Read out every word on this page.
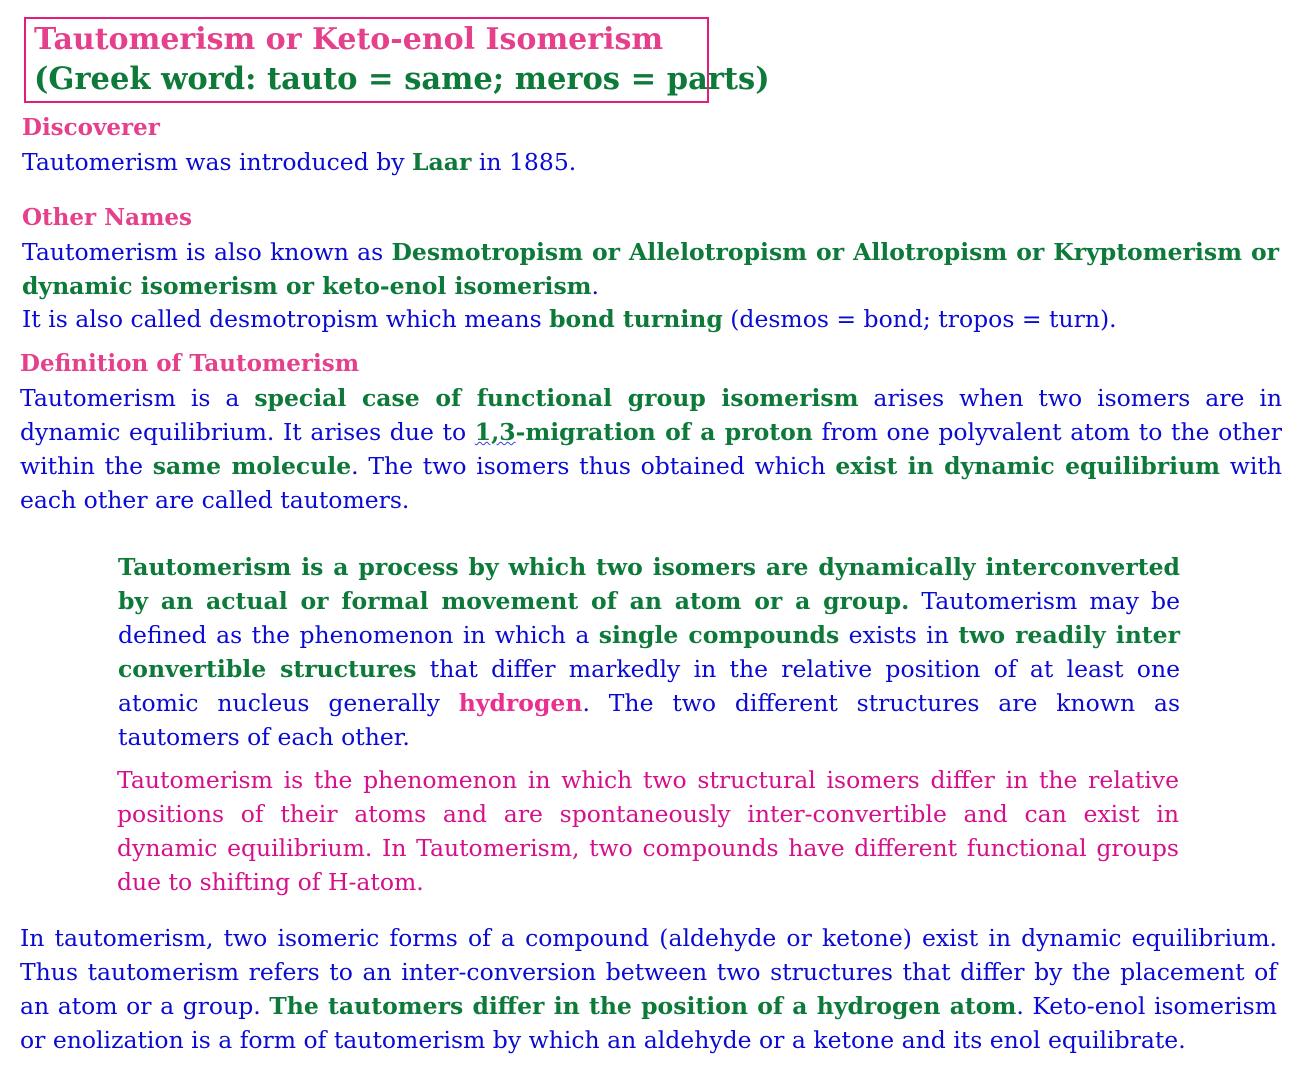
Tautomerism or Keto-enol Isomerism
(Greek word: tauto = same; meros = parts)
Discoverer

Tautomerism was introduced by Laar in 1885.

Other Names

Tautomerism is also known as Desmotropism or Allelotropism or Allotropism or Kryptomerism or dynamic isomerism or keto-enol isomerism.

It is also called desmotropism which means bond turning (desmos = bond; tropos = turn).

Definition of Tautomerism

Tautomerism is a special case of functional group isomerism arises when two isomers are in dynamic equilibrium. It arises due to 1,3-migration of a proton from one polyvalent atom to the other within the same molecule. The two isomers thus obtained which exist in dynamic equilibrium with each other are called tautomers.

Tautomerism is a process by which two isomers are dynamically interconverted by an actual or formal movement of an atom or a group. Tautomerism may be defined as the phenomenon in which a single compounds exists in two readily inter convertible structures that differ markedly in the relative position of at least one atomic nucleus generally hydrogen. The two different structures are known as tautomers of each other.

Tautomerism is the phenomenon in which two structural isomers differ in the relative positions of their atoms and are spontaneously inter-convertible and can exist in dynamic equilibrium. In Tautomerism, two compounds have different functional groups due to shifting of H-atom.

In tautomerism, two isomeric forms of a compound (aldehyde or ketone) exist in dynamic equilibrium. Thus tautomerism refers to an inter-conversion between two structures that differ by the placement of an atom or a group. The tautomers differ in the position of a hydrogen atom. Keto-enol isomerism or enolization is a form of tautomerism by which an aldehyde or a ketone and its enol equilibrate.
